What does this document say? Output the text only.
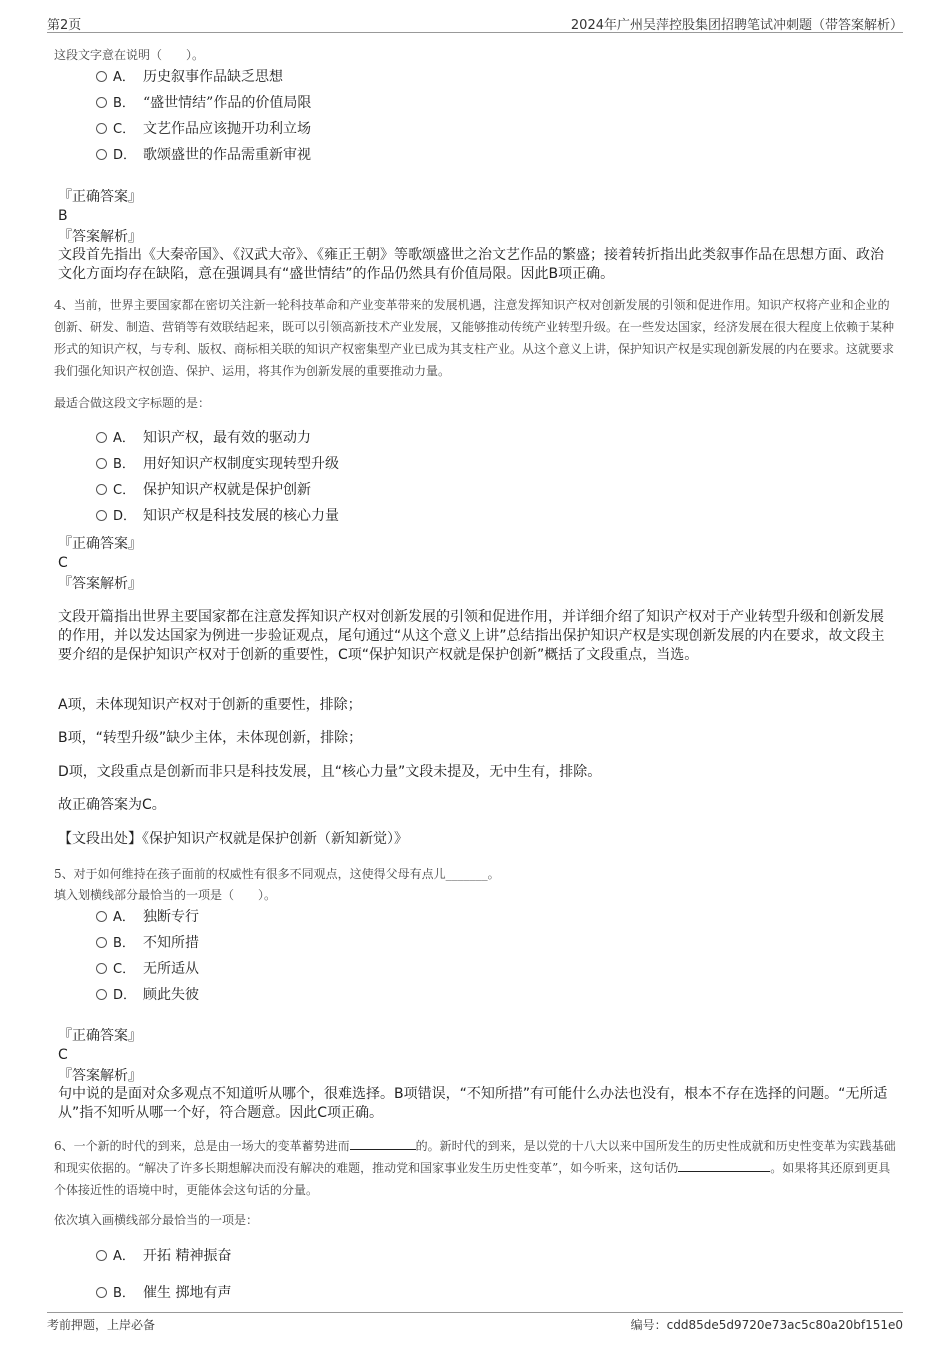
第2页	2024年广州吴萍控股集团招聘笔试冲刺题（带答案解析）
这段文字意在说明（　　）。
A． 历史叙事作品缺乏思想
B． “盛世情结”作品的价值局限
C． 文艺作品应该抛开功利立场
D． 歌颂盛世的作品需重新审视
『正确答案』
B
『答案解析』
文段首先指出《大秦帝国》、《汉武大帝》、《雍正王朝》等歌颂盛世之治文艺作品的繁盛；接着转折指出此类叙事作品在思想方面、政治文化方面均存在缺陷，意在强调具有“盛世情结”的作品仍然具有价值局限。因此B项正确。
4、当前，世界主要国家都在密切关注新一轮科技革命和产业变革带来的发展机遇，注意发挥知识产权对创新发展的引领和促进作用。知识产权将产业和企业的创新、研发、制造、营销等有效联结起来，既可以引领高新技术产业发展，又能够推动传统产业转型升级。在一些发达国家，经济发展在很大程度上依赖于某种形式的知识产权，与专利、版权、商标相关联的知识产权密集型产业已成为其支柱产业。从这个意义上讲，保护知识产权是实现创新发展的内在要求。这就要求我们强化知识产权创造、保护、运用，将其作为创新发展的重要推动力量。
最适合做这段文字标题的是：
A． 知识产权，最有效的驱动力
B． 用好知识产权制度实现转型升级
C． 保护知识产权就是保护创新
D． 知识产权是科技发展的核心力量
『正确答案』
C
『答案解析』
文段开篇指出世界主要国家都在注意发挥知识产权对创新发展的引领和促进作用，并详细介绍了知识产权对于产业转型升级和创新发展的作用，并以发达国家为例进一步验证观点，尾句通过“从这个意义上讲”总结指出保护知识产权是实现创新发展的内在要求，故文段主要介绍的是保护知识产权对于创新的重要性，C项“保护知识产权就是保护创新”概括了文段重点，当选。
A项，未体现知识产权对于创新的重要性，排除；
B项，“转型升级”缺少主体，未体现创新，排除；
D项，文段重点是创新而非只是科技发展，且“核心力量”文段未提及，无中生有，排除。
故正确答案为C。
【文段出处】《保护知识产权就是保护创新（新知新觉）》
5、对于如何维持在孩子面前的权威性有很多不同观点，这使得父母有点儿_______。
填入划横线部分最恰当的一项是（　　）。
A． 独断专行
B． 不知所措
C． 无所适从
D． 顾此失彼
『正确答案』
C
『答案解析』
句中说的是面对众多观点不知道听从哪个，很难选择。B项错误，“不知所措”有可能什么办法也没有，根本不存在选择的问题。“无所适从”指不知听从哪一个好，符合题意。因此C项正确。
6、一个新的时代的到来，总是由一场大的变革蓄势进而	的。新时代的到来，是以党的十八大以来中国所发生的历史性成就和历史性变革为实践基础和现实依据的。“解决了许多长期想解决而没有解决的难题，推动党和国家事业发生历史性变革”，如今听来，这句话仍	。如果将其还原到更具个体接近性的语境中时，更能体会这句话的分量。
依次填入画横线部分最恰当的一项是：
A． 开拓 精神振奋
B． 催生 掷地有声
考前押题，上岸必备	编号：cdd85de5d9720e73ac5c80a20bf151e0
